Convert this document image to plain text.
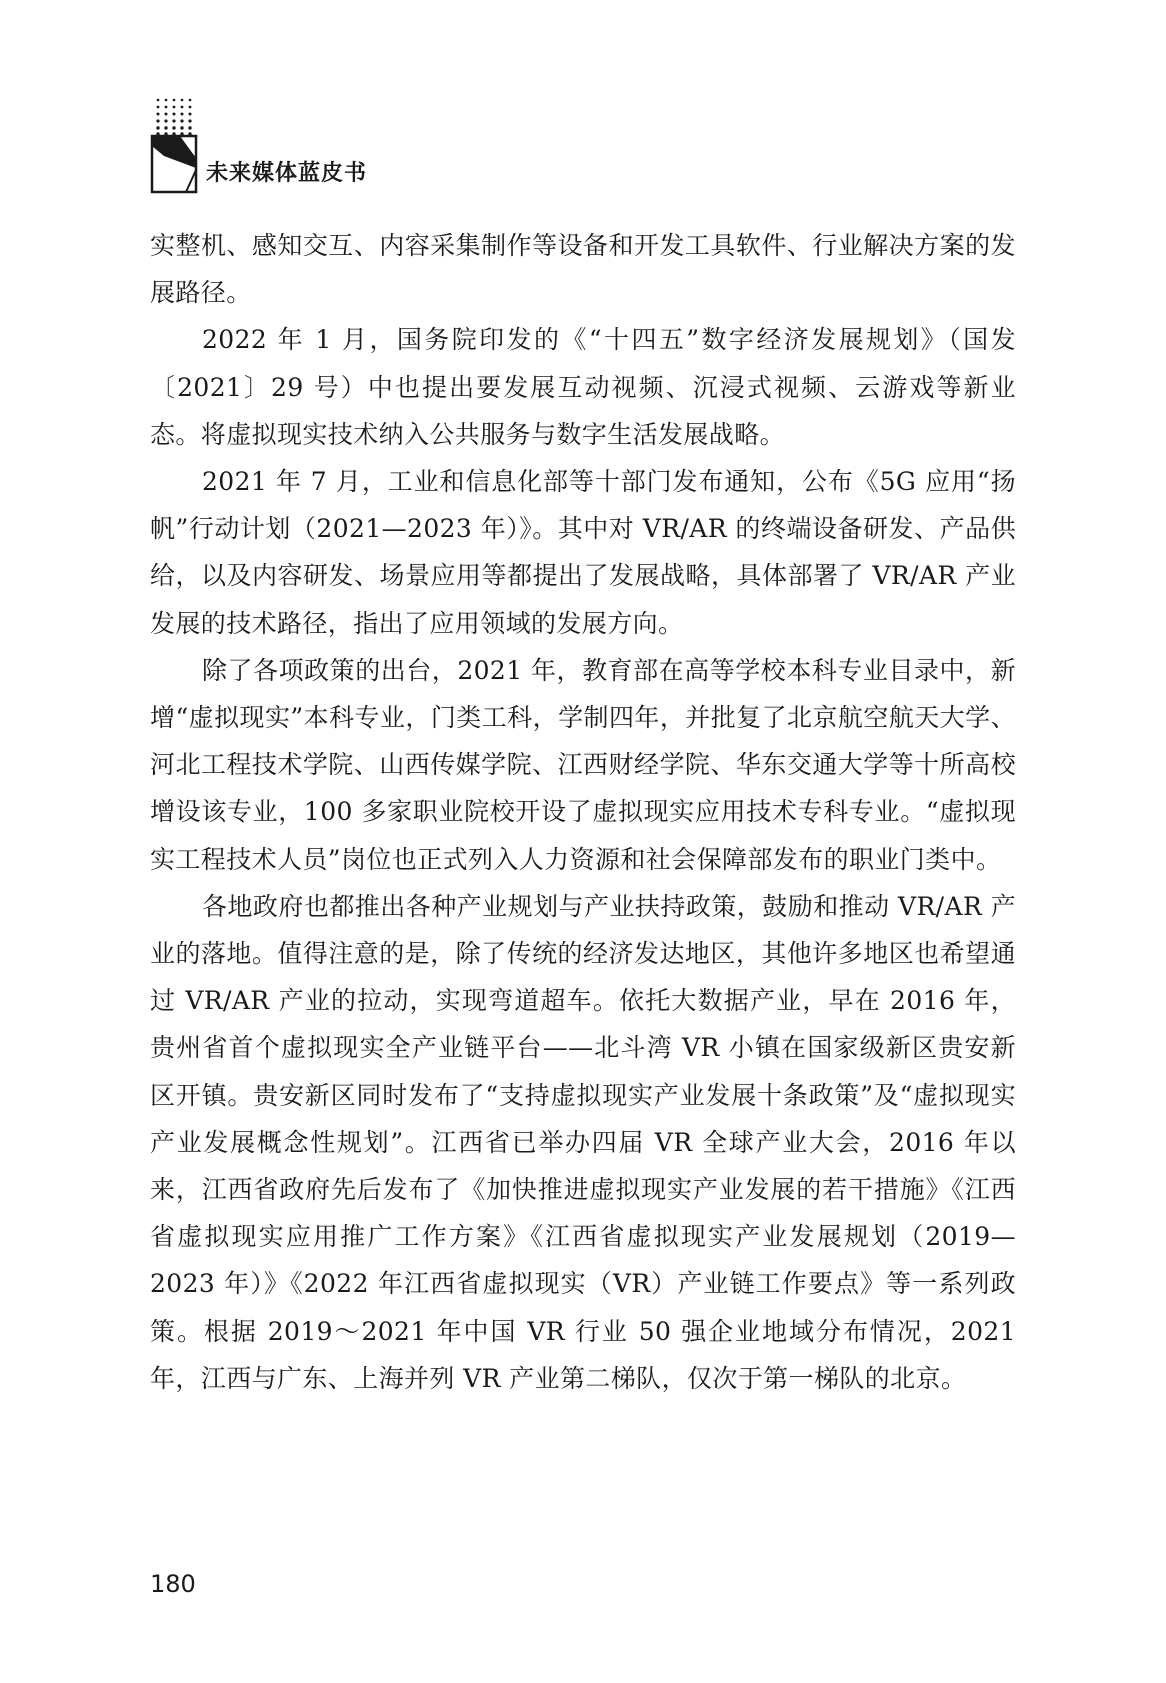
未来媒体蓝皮书

实整机、感知交互、内容采集制作等设备和开发工具软件、行业解决方案的发展路径。

2022 年 1 月，国务院印发的《“十四五”数字经济发展规划》（国发〔2021〕29 号）中也提出要发展互动视频、沉浸式视频、云游戏等新业态。将虚拟现实技术纳入公共服务与数字生活发展战略。

2021 年 7 月，工业和信息化部等十部门发布通知，公布《5G 应用“扬帆”行动计划（2021—2023 年）》。其中对 VR/AR 的终端设备研发、产品供给，以及内容研发、场景应用等都提出了发展战略，具体部署了 VR/AR 产业发展的技术路径，指出了应用领域的发展方向。

除了各项政策的出台，2021 年，教育部在高等学校本科专业目录中，新增“虚拟现实”本科专业，门类工科，学制四年，并批复了北京航空航天大学、河北工程技术学院、山西传媒学院、江西财经学院、华东交通大学等十所高校增设该专业，100 多家职业院校开设了虚拟现实应用技术专科专业。“虚拟现实工程技术人员”岗位也正式列入人力资源和社会保障部发布的职业门类中。

各地政府也都推出各种产业规划与产业扶持政策，鼓励和推动 VR/AR 产业的落地。值得注意的是，除了传统的经济发达地区，其他许多地区也希望通过 VR/AR 产业的拉动，实现弯道超车。依托大数据产业，早在 2016 年，贵州省首个虚拟现实全产业链平台——北斗湾 VR 小镇在国家级新区贵安新区开镇。贵安新区同时发布了“支持虚拟现实产业发展十条政策”及“虚拟现实产业发展概念性规划”。江西省已举办四届 VR 全球产业大会，2016 年以来，江西省政府先后发布了《加快推进虚拟现实产业发展的若干措施》《江西省虚拟现实应用推广工作方案》《江西省虚拟现实产业发展规划（2019—2023 年）》《2022 年江西省虚拟现实（VR）产业链工作要点》等一系列政策。根据 2019～2021 年中国 VR 行业 50 强企业地域分布情况，2021 年，江西与广东、上海并列 VR 产业第二梯队，仅次于第一梯队的北京。

180
